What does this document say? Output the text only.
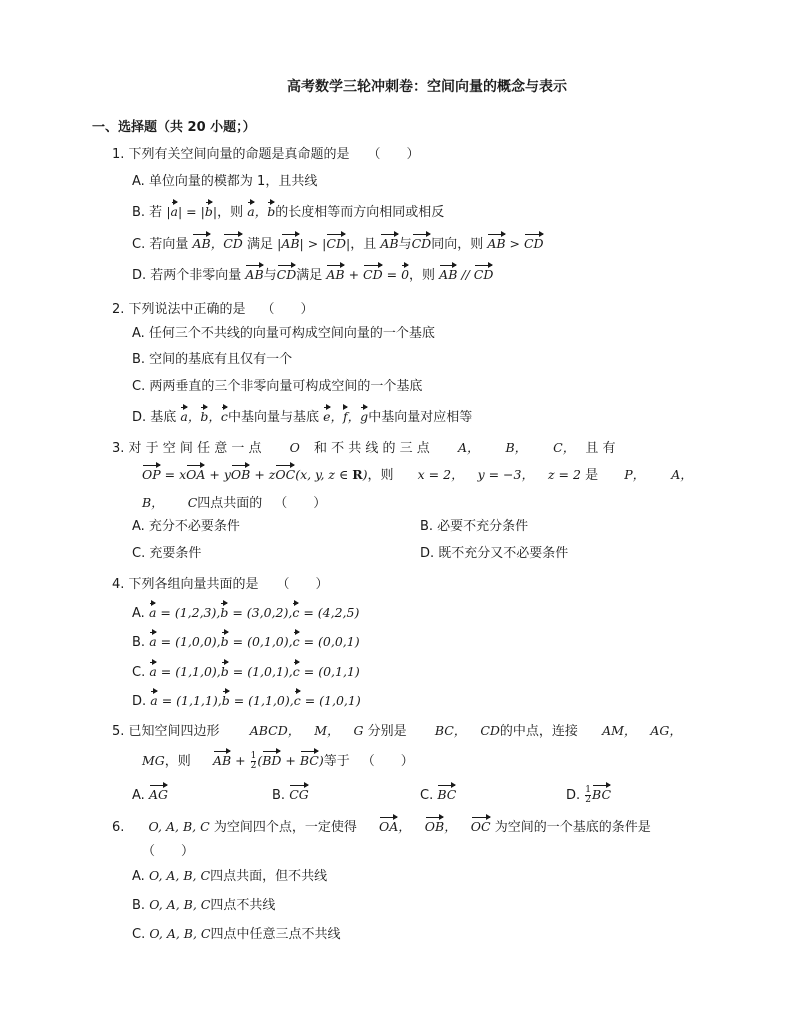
高考数学三轮冲刺卷：空间向量的概念与表示
一、选择题（共 20 小题；）
1. 下列有关空间向量的命题是真命题的是 （　　）
A. 单位向量的模都为 1，且共线
B. 若 |a| = |b|，则 a，b的长度相等而方向相同或相反
C. 若向量 AB，CD 满足 |AB| > |CD|，且 AB与CD同向，则 AB > CD
D. 若两个非零向量 AB与CD满足 AB + CD = 0，则 AB // CD
2. 下列说法中正确的是 （　　）
A. 任何三个不共线的向量可构成空间向量的一个基底
B. 空间的基底有且仅有一个
C. 两两垂直的三个非零向量可构成空间的一个基底
D. 基底 a，b，c中基向量与基底 e，f，g中基向量对应相等
3. 对 于 空 间 任 意 一 点 O 和 不 共 线 的 三 点 A， B， C， 且 有
OP = xOA + yOB + zOC(x, y, z ∈ R)，则 x = 2， y = −3， z = 2 是 P， A，
B， C四点共面的 （　　）
A. 充分不必要条件	B. 必要不充分条件
C. 充要条件	D. 既不充分又不必要条件
4. 下列各组向量共面的是 （　　）
A. a = (1,2,3),b = (3,0,2),c = (4,2,5)
B. a = (1,0,0),b = (0,1,0),c = (0,0,1)
C. a = (1,1,0),b = (1,0,1),c = (0,1,1)
D. a = (1,1,1),b = (1,1,0),c = (1,0,1)
5. 已知空间四边形 ABCD， M， G 分别是 BC， CD的中点，连接 AM， AG，
MG，则 AB + $\frac{1}{2} (BD + BC)$等于 （　　）
A. AG	B. CG	C. BC	D. $\frac{1}{2}$ BC
6. O, A, B, C 为空间四个点，一定使得 OA， OB， OC 为空间的一个基底的条件是
（　　）
A. O, A, B, C四点共面，但不共线
B. O, A, B, C四点不共线
C. O, A, B, C四点中任意三点不共线
